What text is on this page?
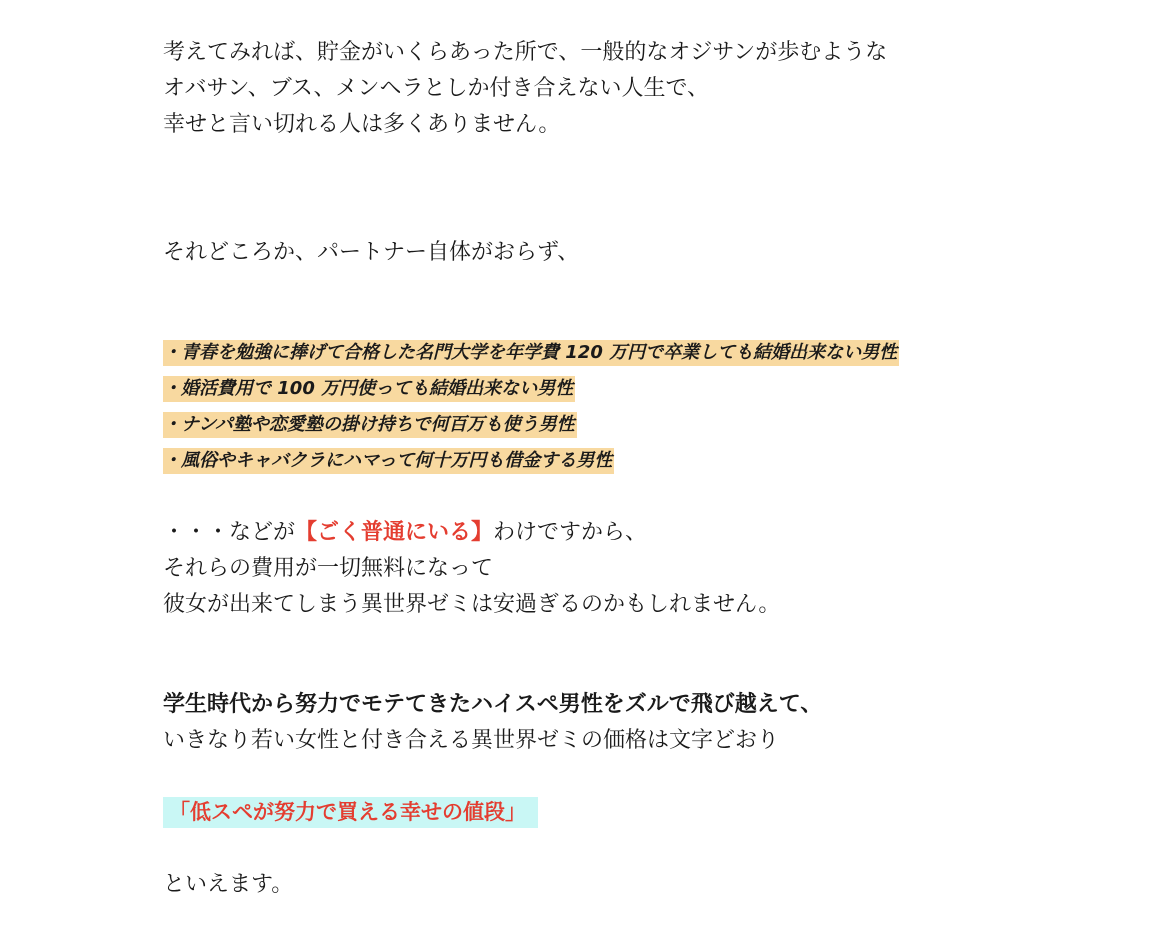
考えてみれば、貯金がいくらあった所で、一般的なオジサンが歩むような
オバサン、ブス、メンヘラとしか付き合えない人生で、
幸せと言い切れる人は多くありません。
それどころか、パートナー自体がおらず、
・青春を勉強に捧げて合格した名門大学を年学費 120 万円で卒業しても結婚出来ない男性
・婚活費用で 100 万円使っても結婚出来ない男性
・ナンパ塾や恋愛塾の掛け持ちで何百万も使う男性
・風俗やキャバクラにハマって何十万円も借金する男性
・・・などが【ごく普通にいる】わけですから、
それらの費用が一切無料になって
彼女が出来てしまう異世界ゼミは安過ぎるのかもしれません。
学生時代から努力でモテてきたハイスペ男性をズルで飛び越えて、
いきなり若い女性と付き合える異世界ゼミの価格は文字どおり
「低スペが努力で買える幸せの値段」
といえます。
